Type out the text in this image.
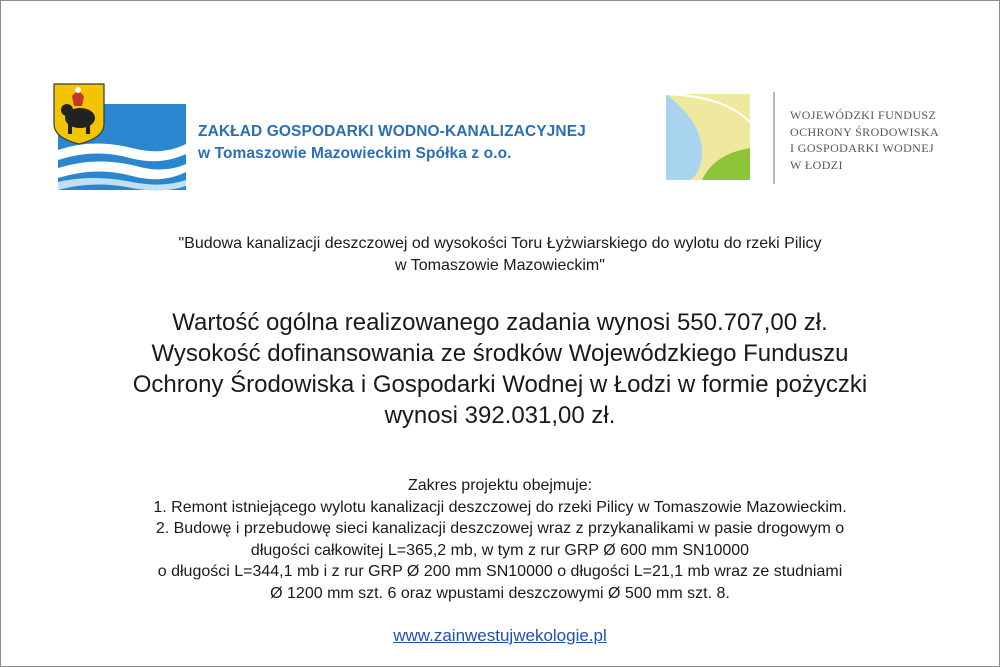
ZAKŁAD GOSPODARKI WODNO-KANALIZACYJNEJ
w Tomaszowie Mazowieckim Spółka z o.o.
WOJEWÓDZKI FUNDUSZ
OCHRONY ŚRODOWISKA
I GOSPODARKI WODNEJ
W ŁODZI
"Budowa kanalizacji deszczowej od wysokości Toru Łyżwiarskiego do wylotu do rzeki Pilicy
w Tomaszowie Mazowieckim"
Wartość ogólna realizowanego zadania wynosi 550.707,00 zł.
Wysokość dofinansowania ze środków Wojewódzkiego Funduszu
Ochrony Środowiska i Gospodarki Wodnej w Łodzi w formie pożyczki
wynosi 392.031,00 zł.
Zakres projektu obejmuje:
1. Remont istniejącego wylotu kanalizacji deszczowej do rzeki Pilicy w Tomaszowie Mazowieckim.
2. Budowę i przebudowę sieci kanalizacji deszczowej wraz z przykanalikami w pasie drogowym o
długości całkowitej L=365,2 mb, w tym z rur GRP Ø 600 mm SN10000
o długości L=344,1 mb i z rur GRP Ø 200 mm SN10000 o długości L=21,1 mb wraz ze studniami
Ø 1200 mm szt. 6 oraz wpustami deszczowymi Ø 500 mm szt. 8.
www.zainwestujwekologie.pl
